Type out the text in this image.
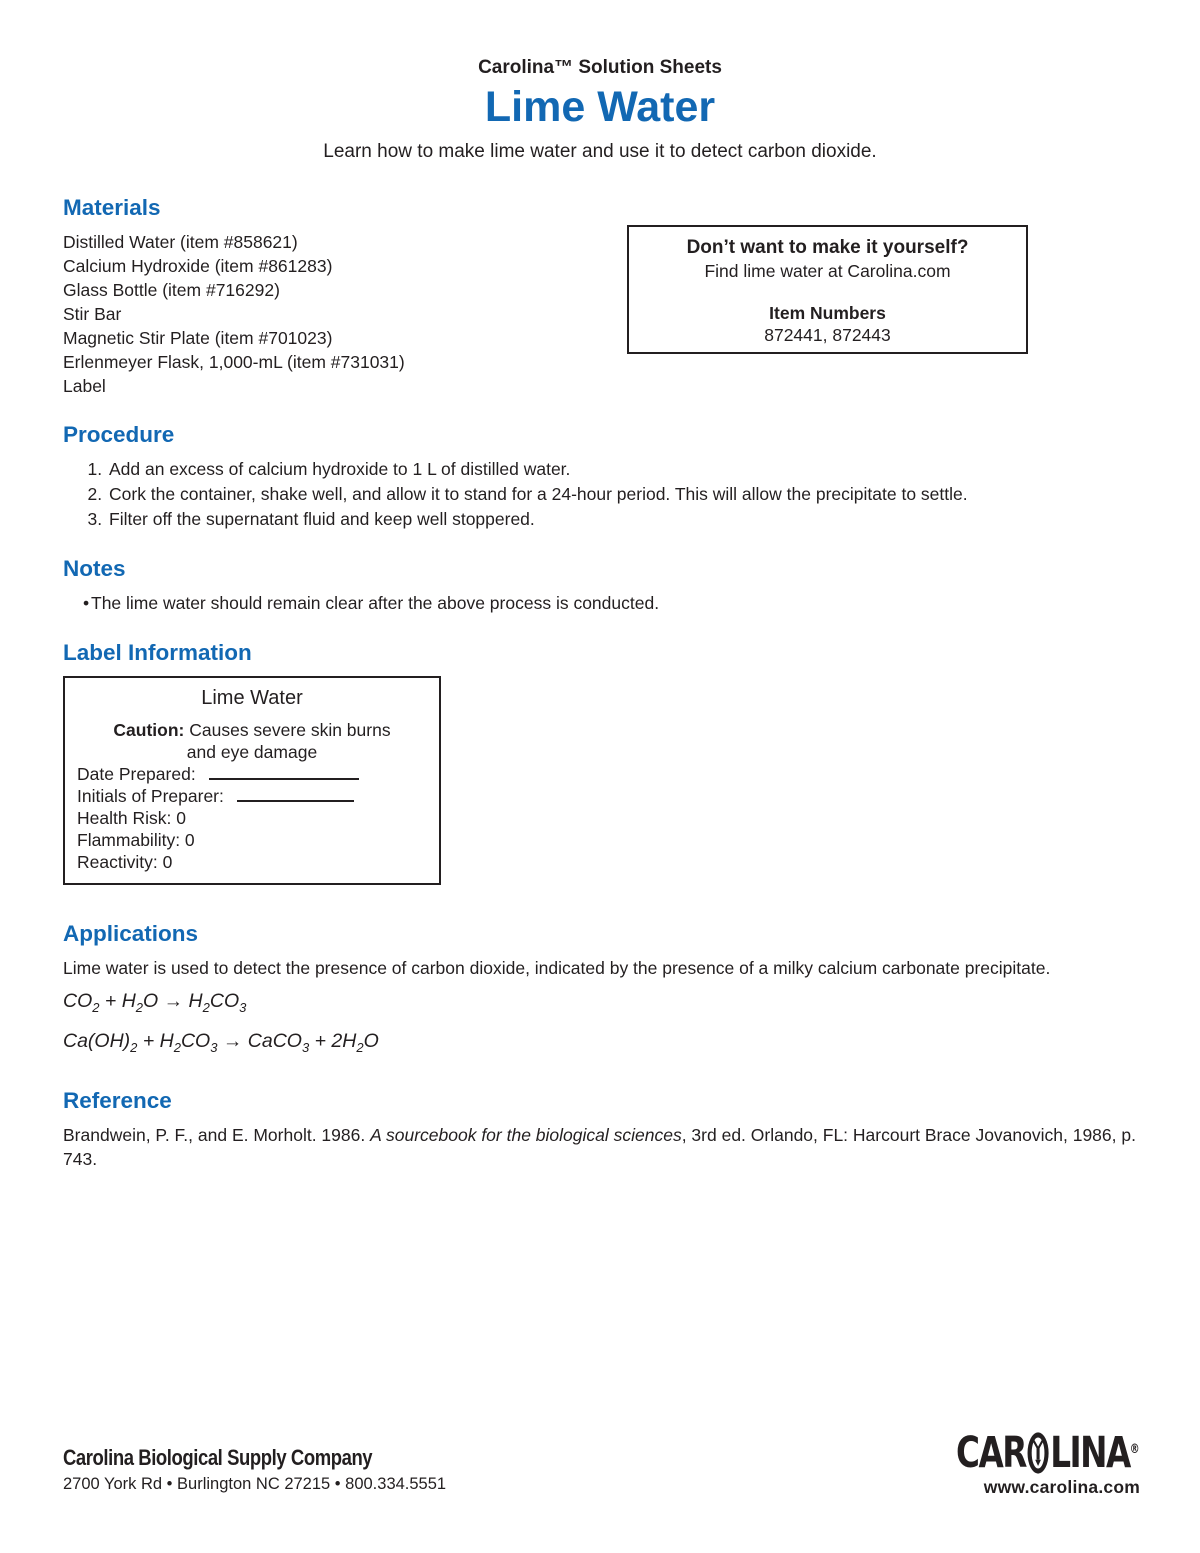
Carolina™ Solution Sheets
Lime Water

Learn how to make lime water and use it to detect carbon dioxide.

Materials
Distilled Water (item #858621)
Calcium Hydroxide (item #861283)
Glass Bottle (item #716292)
Stir Bar
Magnetic Stir Plate (item #701023)
Erlenmeyer Flask, 1,000-mL (item #731031)
Label
Don’t want to make it yourself?
Find lime water at Carolina.com
Item Numbers
872441, 872443
Procedure
1. Add an excess of calcium hydroxide to 1 L of distilled water.
2. Cork the container, shake well, and allow it to stand for a 24-hour period. This will allow the precipitate to settle.
3. Filter off the supernatant fluid and keep well stoppered.
Notes
• The lime water should remain clear after the above process is conducted.
Label Information
Lime Water
Caution: Causes severe skin burns
and eye damage
Date Prepared:
Initials of Preparer:
Health Risk: 0
Flammability: 0
Reactivity: 0
Applications

Lime water is used to detect the presence of carbon dioxide, indicated by the presence of a milky calcium carbonate precipitate.

$CO_2 + H_2O \to H_2CO_3$
$Ca(OH)_2 + H_2CO_3$ → CaCO$_3$ + $2H_2O$
Reference

Brandwein, P. F., and E. Morholt. 1986. A sourcebook for the biological sciences, 3rd ed. Orlando, FL: Harcourt Brace Jovanovich, 1986, p. 743.

Carolina Biological Supply Company
2700 York Rd • Burlington NC 27215 • 800.334.5551
CAR LINA ®
www.carolina.com
